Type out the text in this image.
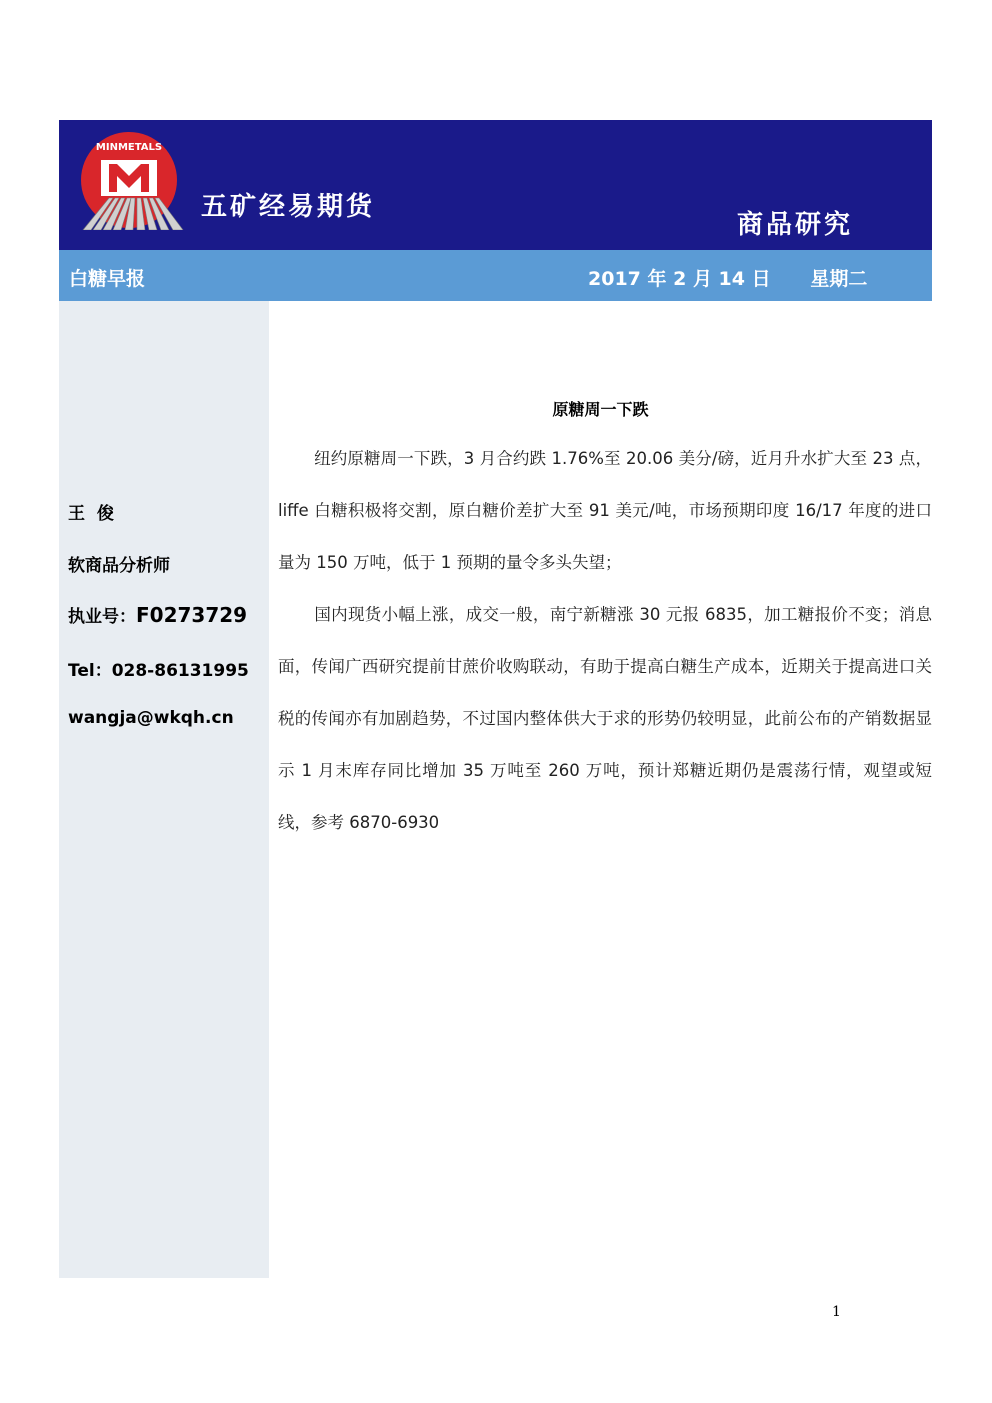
MINMETALS
五矿经易期货
商品研究
白糖早报	2017 年 2 月 14 日 星期二
王  俊
软商品分析师
执业号：F0273729
Tel：028-86131995
wangja@wkqh.cn
原糖周一下跌
纽约原糖周一下跌，3 月合约跌 1.76%至 20.06 美分/磅，近月升水扩大至 23 点，liffe 白糖积极将交割，原白糖价差扩大至 91 美元/吨，市场预期印度 16/17 年度的进口量为 150 万吨，低于 1 预期的量令多头失望；
国内现货小幅上涨，成交一般，南宁新糖涨 30 元报 6835，加工糖报价不变；消息面，传闻广西研究提前甘蔗价收购联动，有助于提高白糖生产成本，近期关于提高进口关税的传闻亦有加剧趋势，不过国内整体供大于求的形势仍较明显，此前公布的产销数据显示 1 月末库存同比增加 35 万吨至 260 万吨，预计郑糖近期仍是震荡行情，观望或短线，参考 6870-6930
1
